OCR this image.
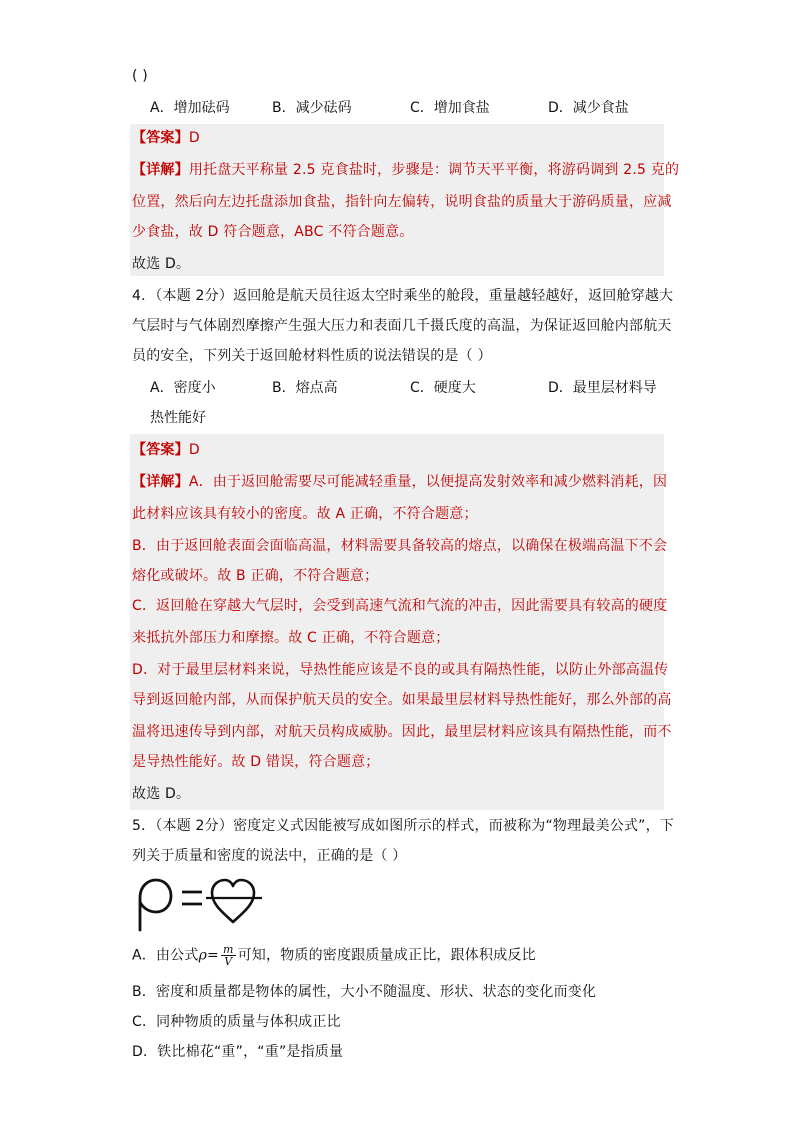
( )
A．增加砝码	B．减少砝码	C．增加食盐	D．减少食盐
【答案】D
【详解】用托盘天平称量 2.5 克食盐时，步骤是：调节天平平衡，将游码调到 2.5 克的
位置，然后向左边托盘添加食盐，指针向左偏转，说明食盐的质量大于游码质量，应减
少食盐，故 D 符合题意，ABC 不符合题意。
故选 D。
4．（本题 2分）返回舱是航天员往返太空时乘坐的舱段，重量越轻越好，返回舱穿越大
气层时与气体剧烈摩擦产生强大压力和表面几千摄氏度的高温，为保证返回舱内部航天
员的安全，下列关于返回舱材料性质的说法错误的是（ ）
A．密度小	B．熔点高	C．硬度大	D．最里层材料导
热性能好
【答案】D
【详解】A．由于返回舱需要尽可能减轻重量，以便提高发射效率和减少燃料消耗，因
此材料应该具有较小的密度。故 A 正确，不符合题意；
B．由于返回舱表面会面临高温，材料需要具备较高的熔点，以确保在极端高温下不会
熔化或破坏。故 B 正确，不符合题意；
C．返回舱在穿越大气层时，会受到高速气流和气流的冲击，因此需要具有较高的硬度
来抵抗外部压力和摩擦。故 C 正确，不符合题意；
D．对于最里层材料来说，导热性能应该是不良的或具有隔热性能，以防止外部高温传
导到返回舱内部，从而保护航天员的安全。如果最里层材料导热性能好，那么外部的高
温将迅速传导到内部，对航天员构成威胁。因此，最里层材料应该具有隔热性能，而不
是导热性能好。故 D 错误，符合题意；
故选 D。
5．（本题 2分）密度定义式因能被写成如图所示的样式，而被称为“物理最美公式”，下
列关于质量和密度的说法中，正确的是（ ）
A．由公式$\rho= \frac{m}{V}$ 可知，物质的密度跟质量成正比，跟体积成反比
B．密度和质量都是物体的属性，大小不随温度、形状、状态的变化而变化
C．同种物质的质量与体积成正比
D．铁比棉花“重”，“重”是指质量
